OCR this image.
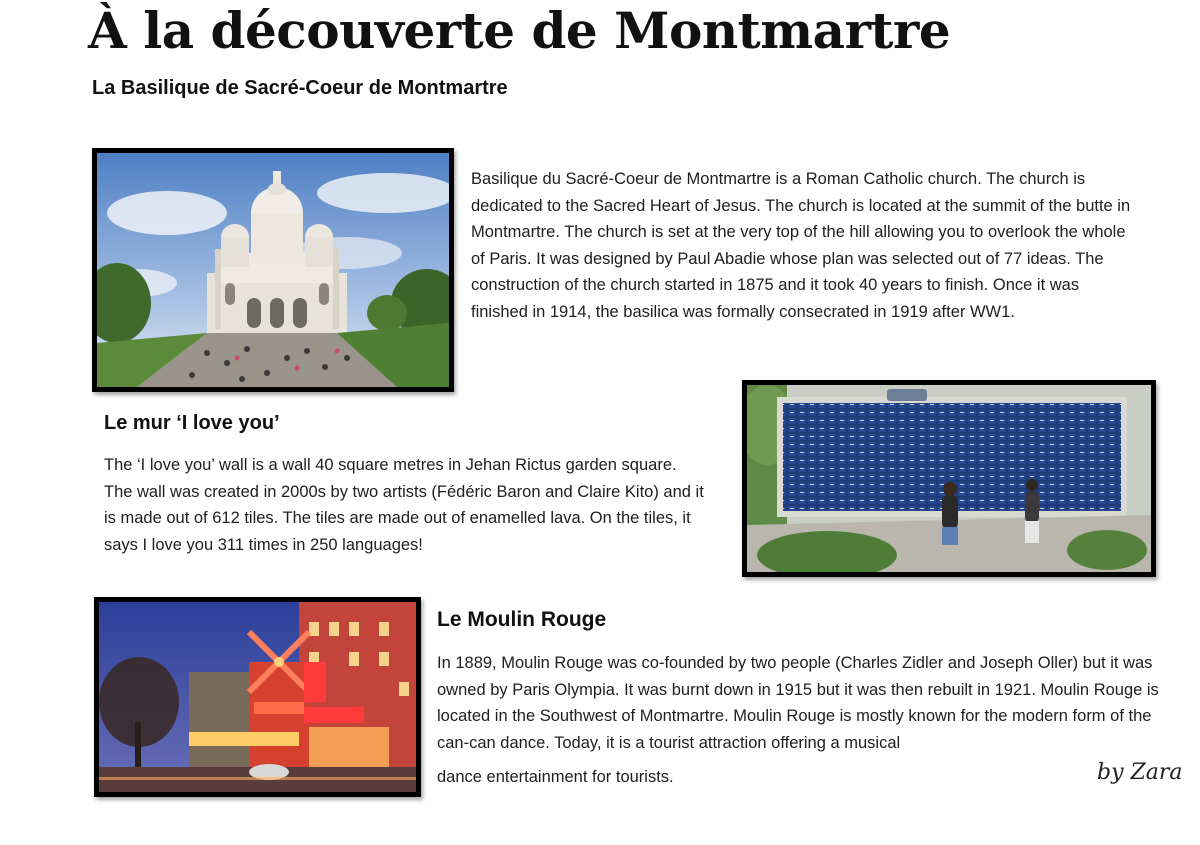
À la découverte de Montmartre
La Basilique de Sacré-Coeur de Montmartre

Basilique du Sacré-Coeur de Montmartre is a Roman Catholic church. The church is dedicated to the Sacred Heart of Jesus. The church is located at the summit of the butte in Montmartre. The church is set at the very top of the hill allowing you to overlook the whole of Paris. It was designed by Paul Abadie whose plan was selected out of 77 ideas. The construction of the church started in 1875 and it took 40 years to finish. Once it was finished in 1914, the basilica was formally consecrated in 1919 after WW1.

Le mur ‘I love you’

The ‘I love you’ wall is a wall 40 square metres in Jehan Rictus garden square. The wall was created in 2000s by two artists (Fédéric Baron and Claire Kito) and it is made out of 612 tiles. The tiles are made out of enamelled lava. On the tiles, it says I love you 311 times in 250 languages!

Le Moulin Rouge

In 1889, Moulin Rouge was co-founded by two people (Charles Zidler and Joseph Oller) but it was owned by Paris Olympia. It was burnt down in 1915 but it was then rebuilt in 1921. Moulin Rouge is located in the Southwest of Montmartre. Moulin Rouge is mostly known for the modern form of the can-can dance. Today, it is a tourist attraction offering a musical
dance entertainment for tourists.	by Zara
